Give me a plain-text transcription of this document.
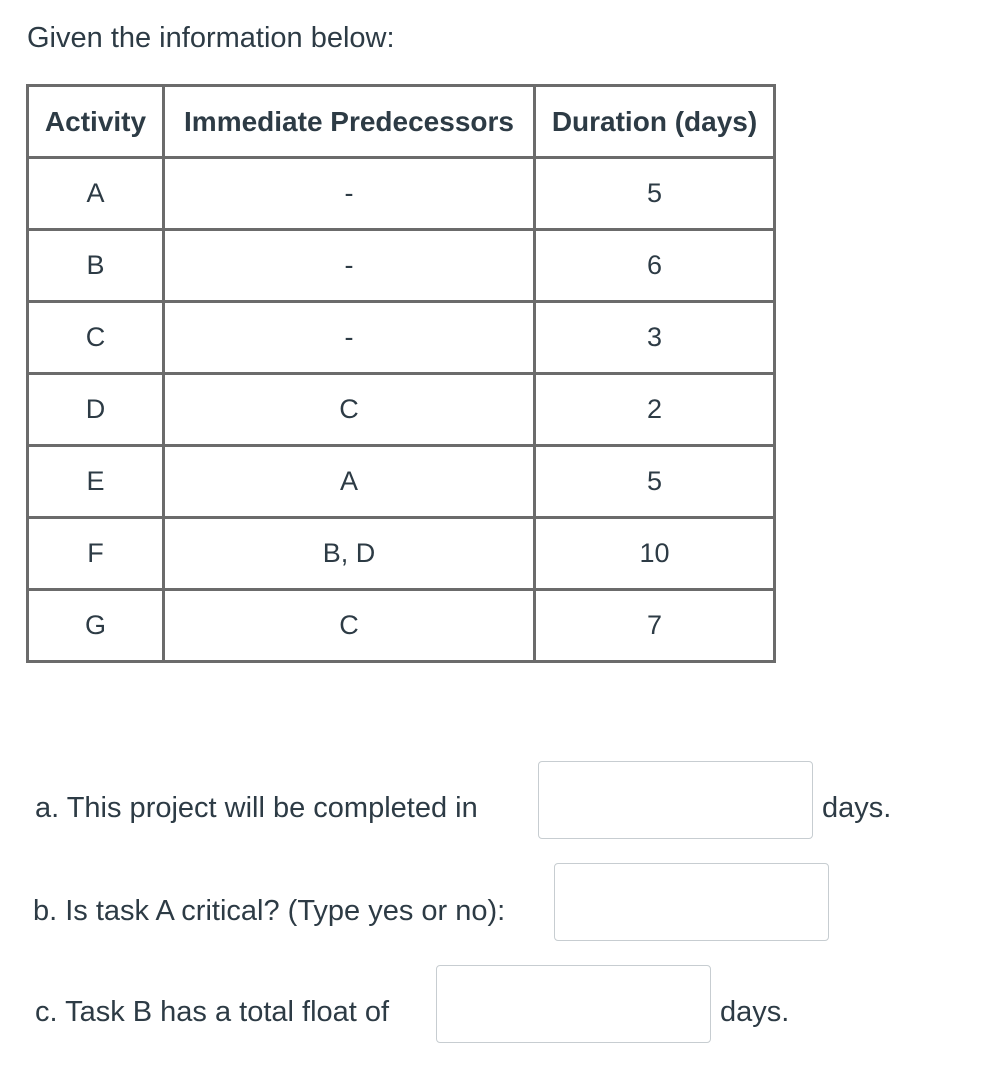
Given the information below:

Activity	Immediate Predecessors	Duration (days)
A	-	5
B	-	6
C	-	3
D	C	2
E	A	5
F	B, D	10
G	C	7
a. This project will be completed in	days.
b. Is task A critical? (Type yes or no):
c. Task B has a total float of	days.
